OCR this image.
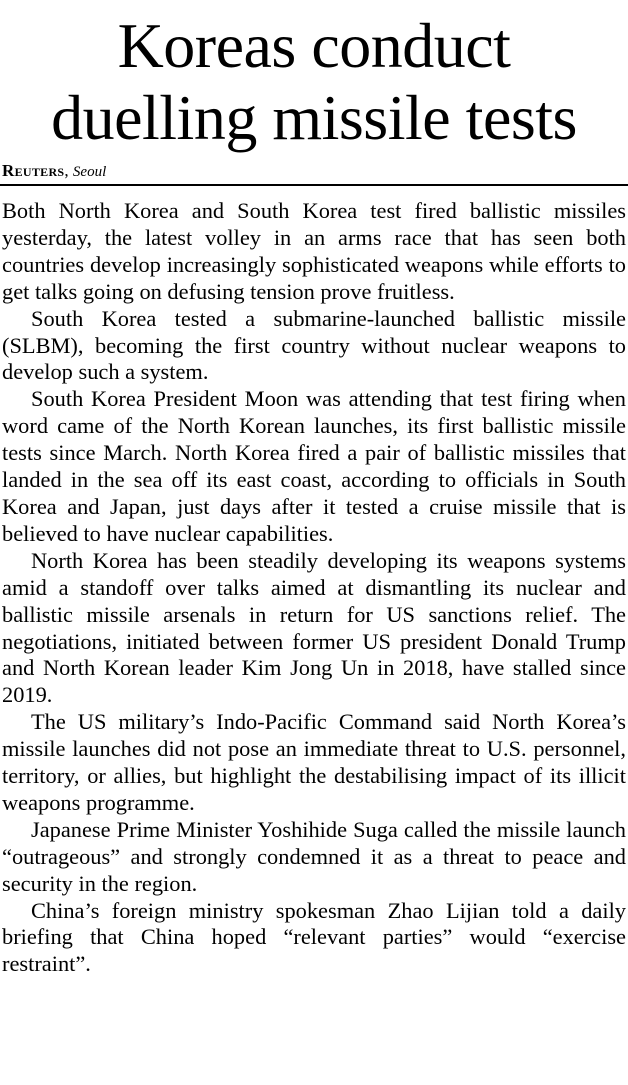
Koreas conduct
duelling missile tests
Reuters, Seoul

Both North Korea and South Korea test fired ballistic missiles yesterday, the latest volley in an arms race that has seen both countries develop increasingly sophisticated weapons while efforts to get talks going on defusing tension prove fruitless.

South Korea tested a submarine-launched ballistic missile (SLBM), becoming the first country without nuclear weapons to develop such a system.

South Korea President Moon was attending that test firing when word came of the North Korean launches, its first ballistic missile tests since March. North Korea fired a pair of ballistic missiles that landed in the sea off its east coast, according to officials in South Korea and Japan, just days after it tested a cruise missile that is believed to have nuclear capabilities.

North Korea has been steadily developing its weapons systems amid a standoff over talks aimed at dismantling its nuclear and ballistic missile arsenals in return for US sanctions relief. The negotiations, initiated between former US president Donald Trump and North Korean leader Kim Jong Un in 2018, have stalled since 2019.

The US military’s Indo-Pacific Command said North Korea’s missile launches did not pose an immediate threat to U.S. personnel, territory, or allies, but highlight the destabilising impact of its illicit weapons programme.

Japanese Prime Minister Yoshihide Suga called the missile launch “outrageous” and strongly condemned it as a threat to peace and security in the region.

China’s foreign ministry spokesman Zhao Lijian told a daily briefing that China hoped “relevant parties” would “exercise restraint”.
